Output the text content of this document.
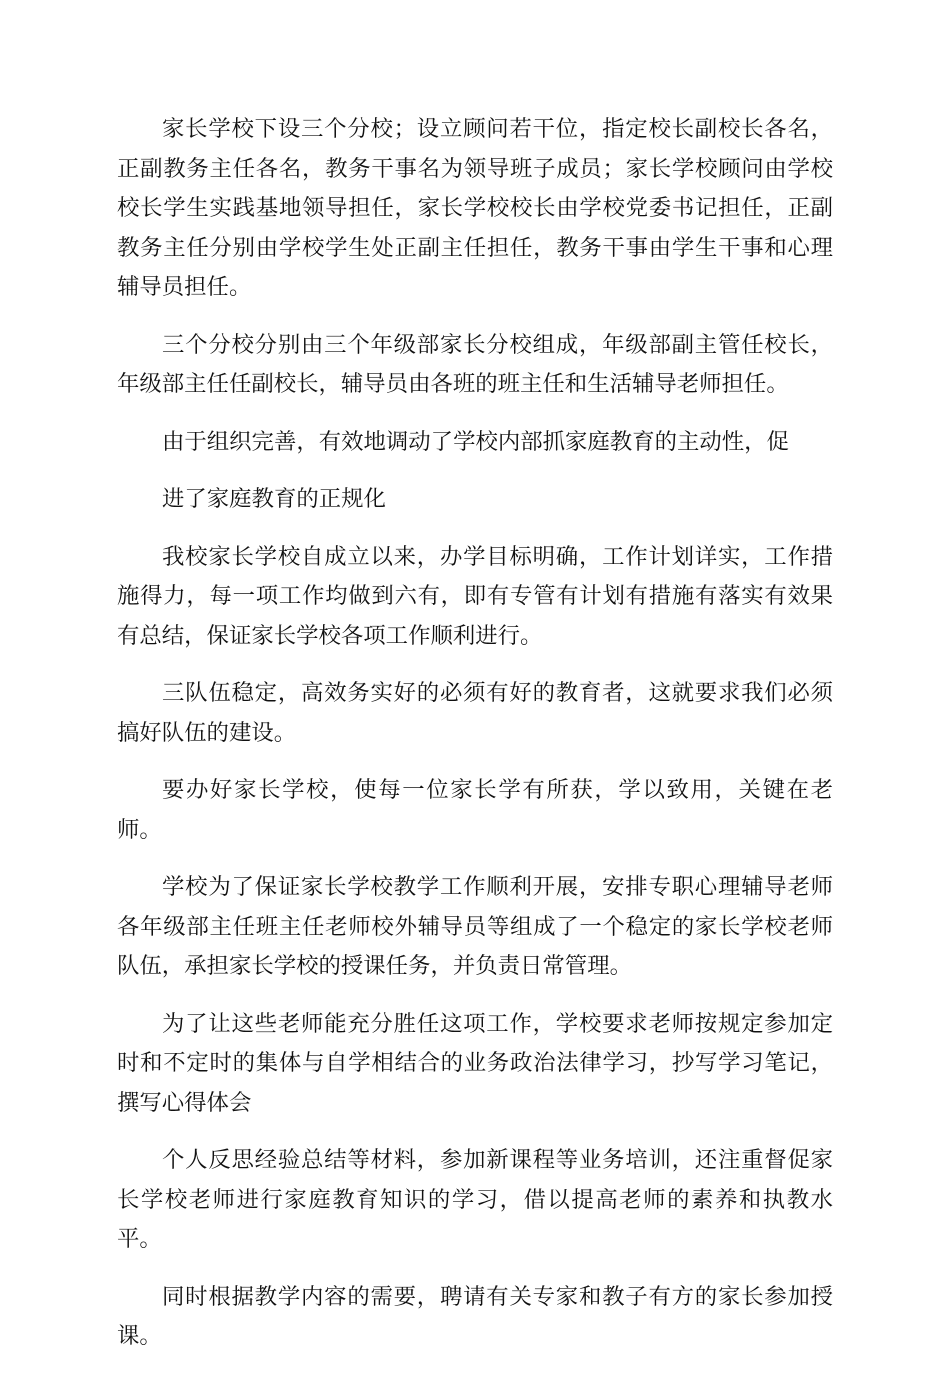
家长学校下设三个分校；设立顾问若干位，指定校长副校长各名，正副教务主任各名，教务干事名为领导班子成员；家长学校顾问由学校校长学生实践基地领导担任，家长学校校长由学校党委书记担任，正副教务主任分别由学校学生处正副主任担任，教务干事由学生干事和心理辅导员担任。

三个分校分别由三个年级部家长分校组成，年级部副主管任校长，年级部主任任副校长，辅导员由各班的班主任和生活辅导老师担任。

由于组织完善，有效地调动了学校内部抓家庭教育的主动性，促

进了家庭教育的正规化

我校家长学校自成立以来，办学目标明确，工作计划详实，工作措施得力，每一项工作均做到六有，即有专管有计划有措施有落实有效果有总结，保证家长学校各项工作顺利进行。

三队伍稳定，高效务实好的必须有好的教育者，这就要求我们必须搞好队伍的建设。

要办好家长学校，使每一位家长学有所获，学以致用，关键在老师。

学校为了保证家长学校教学工作顺利开展，安排专职心理辅导老师各年级部主任班主任老师校外辅导员等组成了一个稳定的家长学校老师队伍，承担家长学校的授课任务，并负责日常管理。

为了让这些老师能充分胜任这项工作，学校要求老师按规定参加定时和不定时的集体与自学相结合的业务政治法律学习，抄写学习笔记，撰写心得体会

个人反思经验总结等材料，参加新课程等业务培训，还注重督促家长学校老师进行家庭教育知识的学习，借以提高老师的素养和执教水平。

同时根据教学内容的需要，聘请有关专家和教子有方的家长参加授课。
